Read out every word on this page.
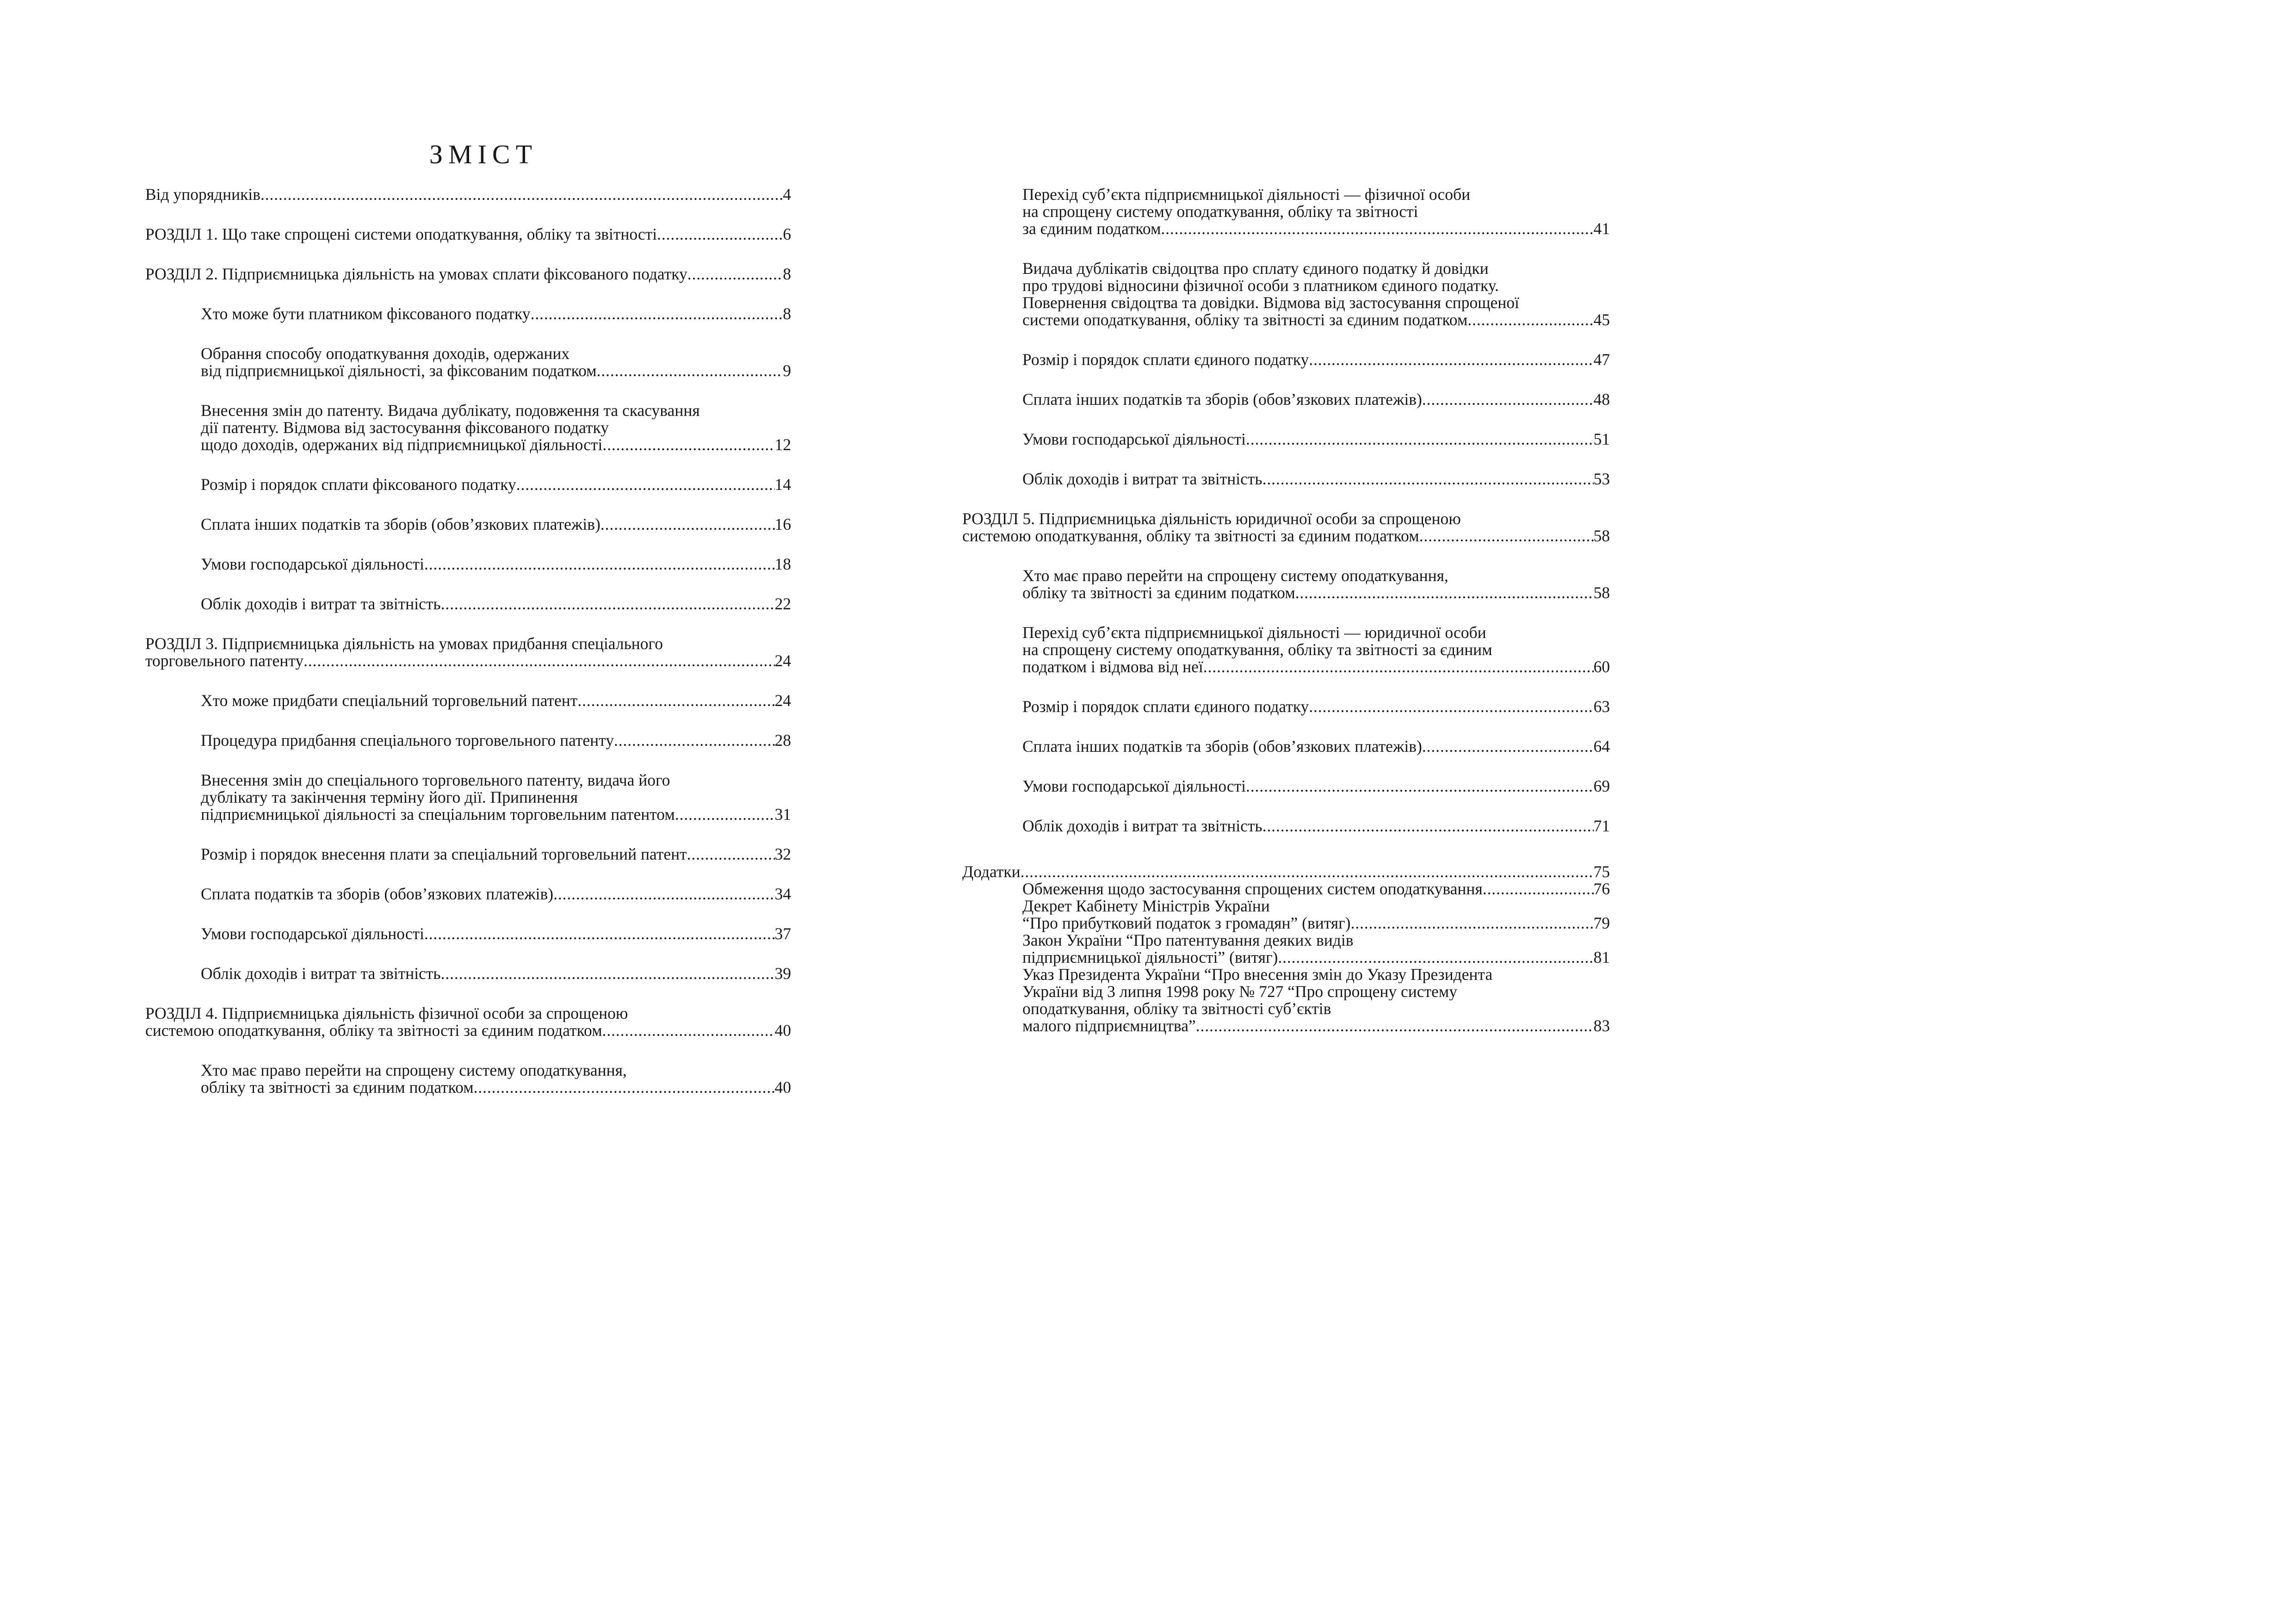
ЗМІСТ
Від упорядників . . .	4
РОЗДІЛ 1. Що таке спрощені системи оподаткування, обліку та звітності . . .	6
РОЗДІЛ 2. Підприємницька діяльність на умовах сплати фіксованого податку . . .	8
Хто може бути платником фіксованого податку . . .	8
Обрання способу оподаткування доходів, одержаних
від підприємницької діяльності, за фіксованим податком . . .	9
Внесення змін до патенту. Видача дублікату, подовження та скасування
дії патенту. Відмова від застосування фіксованого податку
щодо доходів, одержаних від підприємницької діяльності . . .	12
Розмір і порядок сплати фіксованого податку . . .	14
Сплата інших податків та зборів (обов’язкових платежів) . . .	16
Умови господарської діяльності . . .	18
Облік доходів і витрат та звітність . . .	22
РОЗДІЛ 3. Підприємницька діяльність на умовах придбання спеціального
торговельного патенту . . .	24
Хто може придбати спеціальний торговельний патент . . .	24
Процедура придбання спеціального торговельного патенту . . .	28
Внесення змін до спеціального торговельного патенту, видача його
дублікату та закінчення терміну його дії. Припинення
підприємницької діяльності за спеціальним торговельним патентом . . .	31
Розмір і порядок внесення плати за спеціальний торговельний патент . . .	32
Сплата податків та зборів (обов’язкових платежів) . . .	34
Умови господарської діяльності . . .	37
Облік доходів і витрат та звітність . . .	39
РОЗДІЛ 4. Підприємницька діяльність фізичної особи за спрощеною
системою оподаткування, обліку та звітності за єдиним податком . . .	40
Хто має право перейти на спрощену систему оподаткування,
обліку та звітності за єдиним податком . . .	40
Перехід суб’єкта підприємницької діяльності — фізичної особи
на спрощену систему оподаткування, обліку та звітності
за єдиним податком . . .	41
Видача дублікатів свідоцтва про сплату єдиного податку й довідки
про трудові відносини фізичної особи з платником єдиного податку.
Повернення свідоцтва та довідки. Відмова від застосування спрощеної
системи оподаткування, обліку та звітності за єдиним податком . . .	45
Розмір і порядок сплати єдиного податку . . .	47
Сплата інших податків та зборів (обов’язкових платежів) . . .	48
Умови господарської діяльності . . .	51
Облік доходів і витрат та звітність . . .	53
РОЗДІЛ 5. Підприємницька діяльність юридичної особи за спрощеною
системою оподаткування, обліку та звітності за єдиним податком . . .	58
Хто має право перейти на спрощену систему оподаткування,
обліку та звітності за єдиним податком . . .	58
Перехід суб’єкта підприємницької діяльності — юридичної особи
на спрощену систему оподаткування, обліку та звітності за єдиним
податком і відмова від неї . . .	60
Розмір і порядок сплати єдиного податку . . .	63
Сплата інших податків та зборів (обов’язкових платежів) . . .	64
Умови господарської діяльності . . .	69
Облік доходів і витрат та звітність . . .	71
Додатки . . .	75
Обмеження щодо застосування спрощених систем оподаткування . . .	76
Декрет Кабінету Міністрів України
“Про прибутковий податок з громадян” (витяг) . . .	79
Закон України “Про патентування деяких видів
підприємницької діяльності” (витяг) . . .	81
Указ Президента України “Про внесення змін до Указу Президента
України від 3 липня 1998 року № 727 “Про спрощену систему
оподаткування, обліку та звітності суб’єктів
малого підприємництва” . . .	83
